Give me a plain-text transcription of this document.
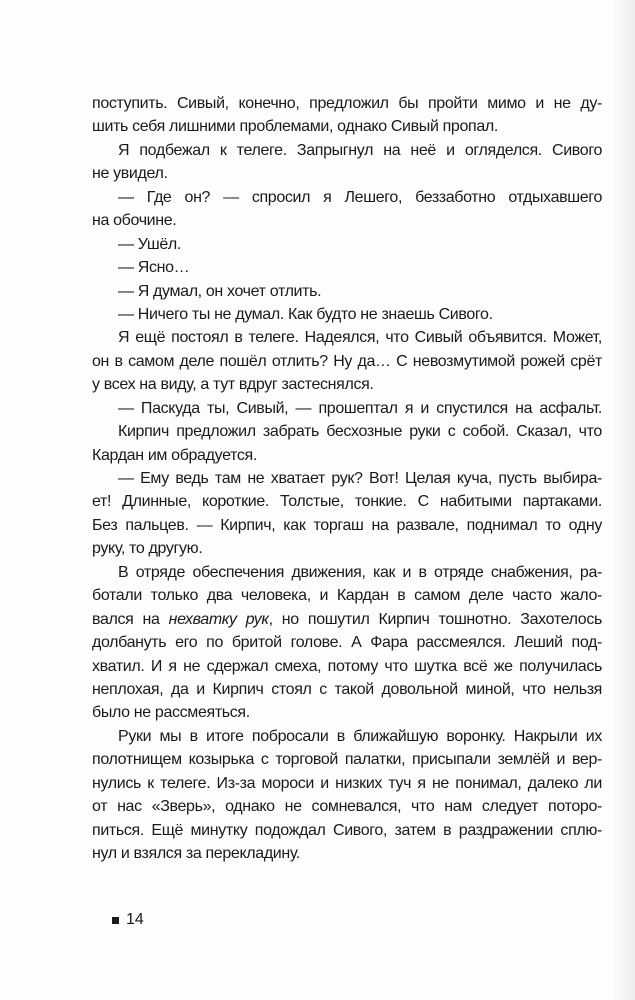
поступить. Сивый, конечно, предложил бы пройти мимо и не ду-
шить себя лишними проблемами, однако Сивый пропал.
Я подбежал к телеге. Запрыгнул на неё и огляделся. Сивого
не увидел.
— Где он? — спросил я Лешего, беззаботно отдыхавшего
на обочине.
— Ушёл.
— Ясно…
— Я думал, он хочет отлить.
— Ничего ты не думал. Как будто не знаешь Сивого.
Я ещё постоял в телеге. Надеялся, что Сивый объявится. Может,
он в самом деле пошёл отлить? Ну да… С невозмутимой рожей срёт
у всех на виду, а тут вдруг застеснялся.
— Паскуда ты, Сивый, — прошептал я и спустился на асфальт.
Кирпич предложил забрать бесхозные руки с собой. Сказал, что
Кардан им обрадуется.
— Ему ведь там не хватает рук? Вот! Целая куча, пусть выбира-
ет! Длинные, короткие. Толстые, тонкие. С набитыми партаками.
Без пальцев. — Кирпич, как торгаш на развале, поднимал то одну
руку, то другую.
В отряде обеспечения движения, как и в отряде снабжения, ра-
ботали только два человека, и Кардан в самом деле часто жало-
вался на нехватку рук, но пошутил Кирпич тошнотно. Захотелось
долбануть его по бритой голове. А Фара рассмеялся. Леший под-
хватил. И я не сдержал смеха, потому что шутка всё же получилась
неплохая, да и Кирпич стоял с такой довольной миной, что нельзя
было не рассмеяться.
Руки мы в итоге побросали в ближайшую воронку. Накрыли их
полотнищем козырька с торговой палатки, присыпали землёй и вер-
нулись к телеге. Из-за мороси и низких туч я не понимал, далеко ли
от нас «Зверь», однако не сомневался, что нам следует поторо-
питься. Ещё минутку подождал Сивого, затем в раздражении сплю-
нул и взялся за перекладину.
14
